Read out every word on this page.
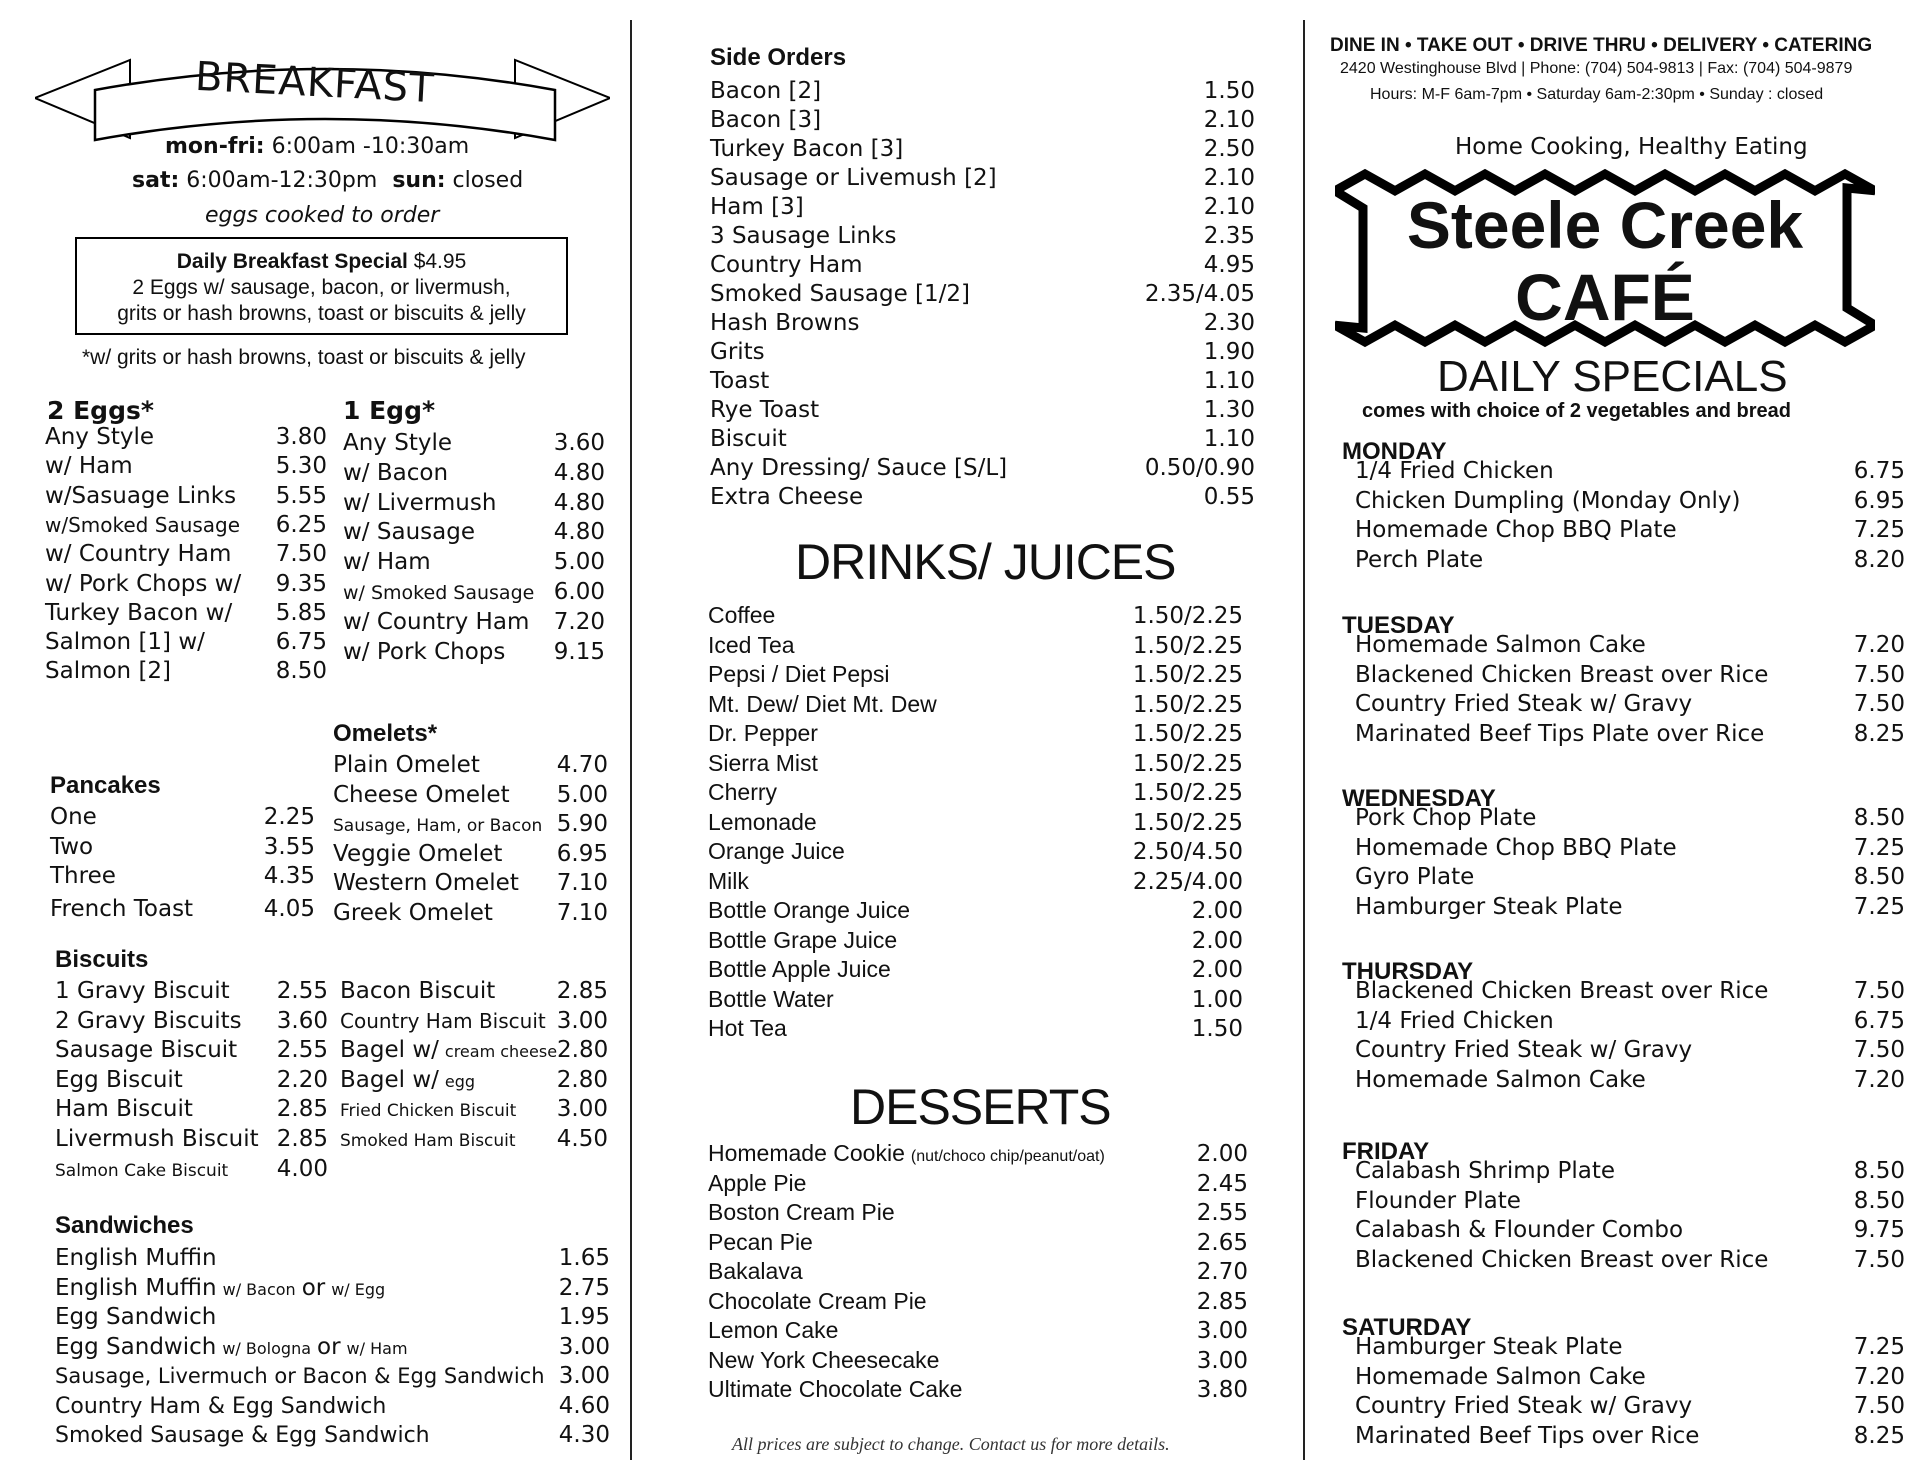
BREAKFAST
mon-fri: 6:00am -10:30am
sat: 6:00am-12:30pm sun: closed
eggs cooked to order
Daily Breakfast Special $4.95
2 Eggs w/ sausage, bacon, or livermush,
grits or hash browns, toast or biscuits & jelly
*w/ grits or hash browns, toast or biscuits & jelly
2 Eggs*
Any Style	3.80
w/ Ham	5.30
w/Sasuage Links 5.55
w/Smoked Sausage 6.25
w/ Country Ham 7.50
w/ Pork Chops w/ 9.35
Turkey Bacon w/ 5.85
Salmon [1] w/	6.75
Salmon [2]	8.50
1 Egg*
Any Style	3.60
w/ Bacon	4.80
w/ Livermush 4.80
w/ Sausage	4.80
w/ Ham	5.00
w/ Smoked Sausage 6.00
w/ Country Ham 7.20
w/ Pork Chops 9.15
Omelets*
Plain Omelet	4.70
Cheese Omelet 5.00
Sausage, Ham, or Bacon 5.90
Veggie Omelet 6.95
Western Omelet 7.10
Greek Omelet	7.10
Pancakes
One	2.25
Two	3.55
Three	4.35
French Toast	4.05
Biscuits
1 Gravy Biscuit 2.55
2 Gravy Biscuits 3.60
Sausage Biscuit 2.55
Egg Biscuit	2.20
Ham Biscuit	2.85
Livermush Biscuit 2.85
Salmon Cake Biscuit 4.00
Bacon Biscuit	2.85
Country Ham Biscuit 3.00
Bagel w/ cream cheese 2.80
Bagel w/ egg	2.80
Fried Chicken Biscuit 3.00
Smoked Ham Biscuit 4.50
Sandwiches
English Muffin	1.65
English Muffin w/ Bacon or w/ Egg	2.75
Egg Sandwich	1.95
Egg Sandwich w/ Bologna or w/ Ham	3.00
Sausage, Livermuch or Bacon & Egg Sandwich 3.00
Country Ham & Egg Sandwich	4.60
Smoked Sausage & Egg Sandwich	4.30
Side Orders
Bacon [2]	1.50
Bacon [3]	2.10
Turkey Bacon [3]	2.50
Sausage or Livemush [2]	2.10
Ham [3]	2.10
3 Sausage Links	2.35
Country Ham	4.95
Smoked Sausage [1/2]	2.35/4.05
Hash Browns	2.30
Grits	1.90
Toast	1.10
Rye Toast	1.30
Biscuit	1.10
Any Dressing/ Sauce [S/L]	0.50/0.90
Extra Cheese	0.55
DRINKS/ JUICES
Coffee	1.50/2.25
Iced Tea	1.50/2.25
Pepsi / Diet Pepsi	1.50/2.25
Mt. Dew/ Diet Mt. Dew	1.50/2.25
Dr. Pepper	1.50/2.25
Sierra Mist	1.50/2.25
Cherry	1.50/2.25
Lemonade	1.50/2.25
Orange Juice	2.50/4.50
Milk	2.25/4.00
Bottle Orange Juice	2.00
Bottle Grape Juice	2.00
Bottle Apple Juice	2.00
Bottle Water	1.00
Hot Tea	1.50
DESSERTS
Homemade Cookie (nut/choco chip/peanut/oat)	2.00
Apple Pie	2.45
Boston Cream Pie	2.55
Pecan Pie	2.65
Bakalava	2.70
Chocolate Cream Pie	2.85
Lemon Cake	3.00
New York Cheesecake	3.00
Ultimate Chocolate Cake	3.80
All prices are subject to change. Contact us for more details.
DINE IN • TAKE OUT • DRIVE THRU • DELIVERY • CATERING
2420 Westinghouse Blvd | Phone: (704) 504-9813 | Fax: (704) 504-9879
Hours: M-F 6am-7pm • Saturday 6am-2:30pm • Sunday : closed
Home Cooking, Healthy Eating
Steele Creek
CAFÉ
DAILY SPECIALS
comes with choice of 2 vegetables and bread
MONDAY
1/4 Fried Chicken	6.75
Chicken Dumpling (Monday Only)	6.95
Homemade Chop BBQ Plate	7.25
Perch Plate	8.20
TUESDAY
Homemade Salmon Cake	7.20
Blackened Chicken Breast over Rice	7.50
Country Fried Steak w/ Gravy	7.50
Marinated Beef Tips Plate over Rice	8.25
WEDNESDAY
Pork Chop Plate	8.50
Homemade Chop BBQ Plate	7.25
Gyro Plate	8.50
Hamburger Steak Plate	7.25
THURSDAY
Blackened Chicken Breast over Rice	7.50
1/4 Fried Chicken	6.75
Country Fried Steak w/ Gravy	7.50
Homemade Salmon Cake	7.20
FRIDAY
Calabash Shrimp Plate	8.50
Flounder Plate	8.50
Calabash & Flounder Combo	9.75
Blackened Chicken Breast over Rice	7.50
SATURDAY
Hamburger Steak Plate	7.25
Homemade Salmon Cake	7.20
Country Fried Steak w/ Gravy	7.50
Marinated Beef Tips over Rice	8.25
